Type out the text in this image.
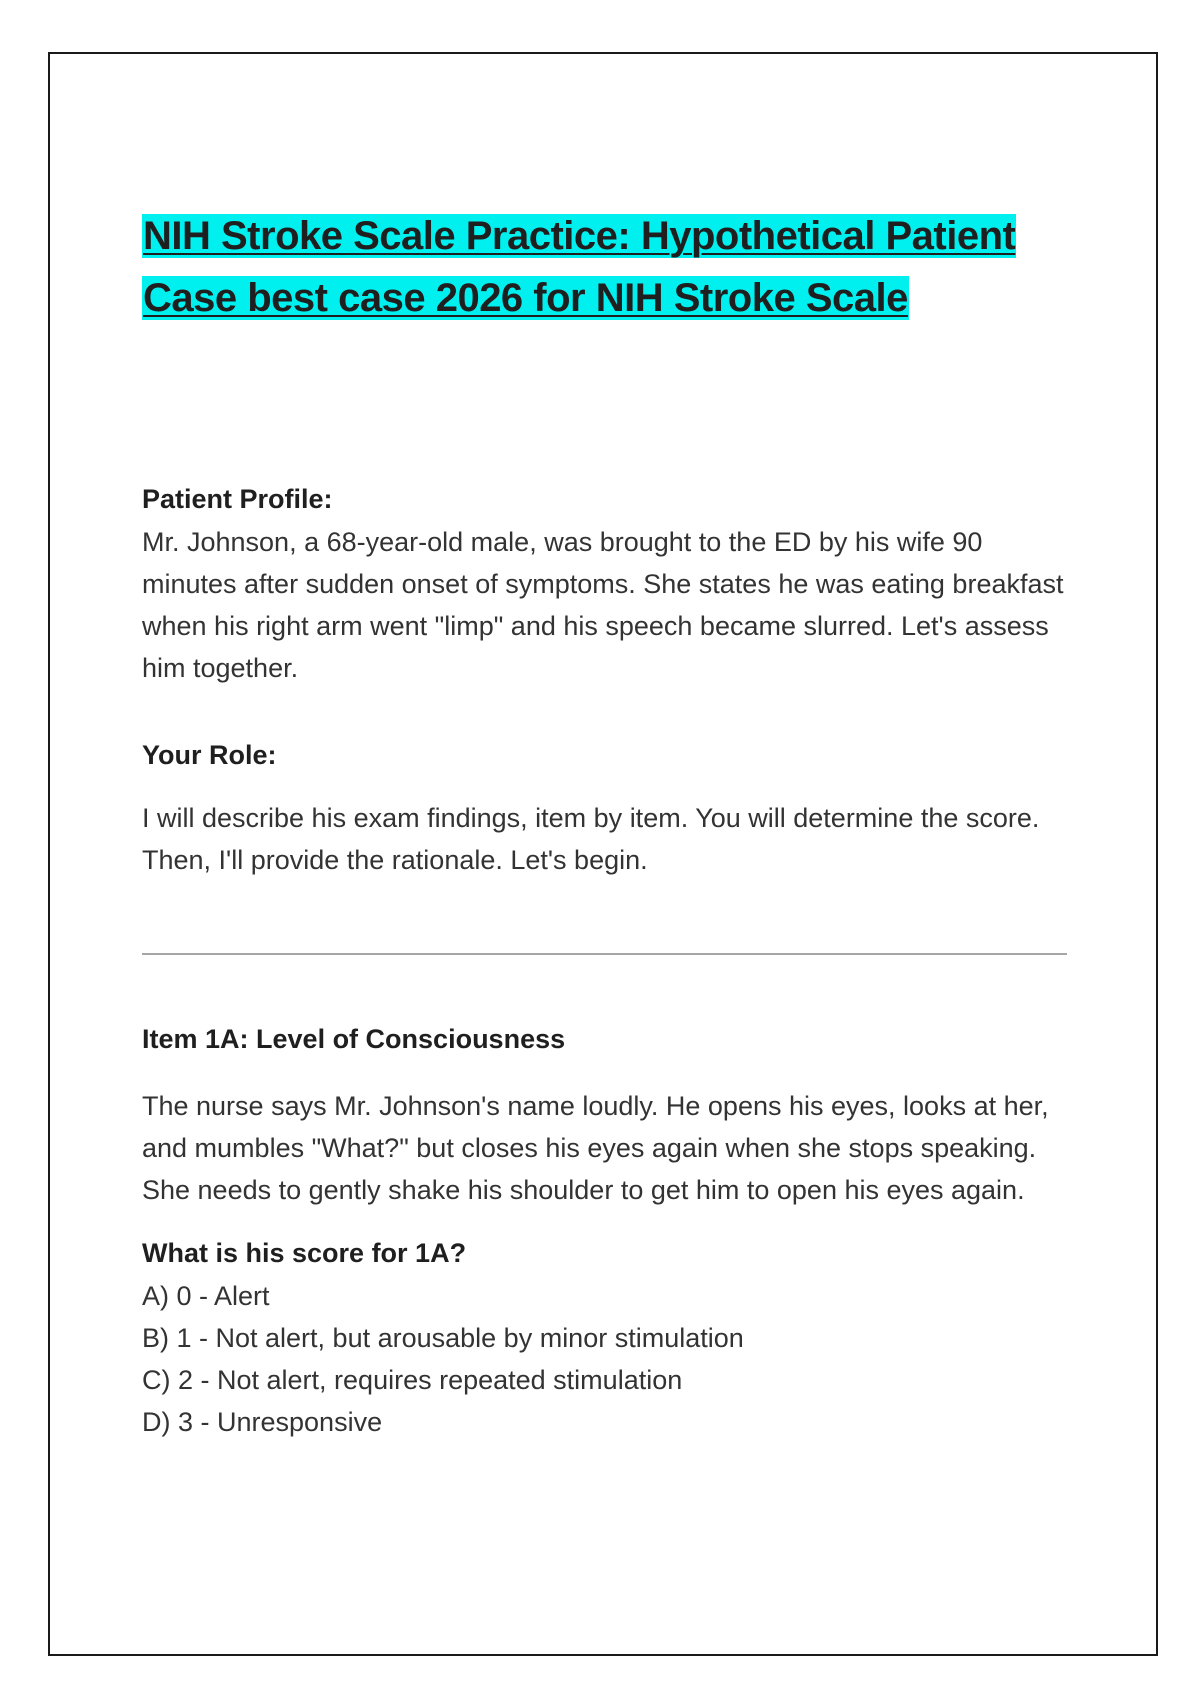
NIH Stroke Scale Practice: Hypothetical Patient
Case best case 2026 for NIH Stroke Scale

Patient Profile:

Mr. Johnson, a 68-year-old male, was brought to the ED by his wife 90 minutes after sudden onset of symptoms. She states he was eating breakfast when his right arm went "limp" and his speech became slurred. Let's assess him together.

Your Role:

I will describe his exam findings, item by item. You will determine the score. Then, I'll provide the rationale. Let's begin.

Item 1A: Level of Consciousness

The nurse says Mr. Johnson's name loudly. He opens his eyes, looks at her, and mumbles "What?" but closes his eyes again when she stops speaking. She needs to gently shake his shoulder to get him to open his eyes again.

What is his score for 1A?

A) 0 - Alert
B) 1 - Not alert, but arousable by minor stimulation
C) 2 - Not alert, requires repeated stimulation
D) 3 - Unresponsive
